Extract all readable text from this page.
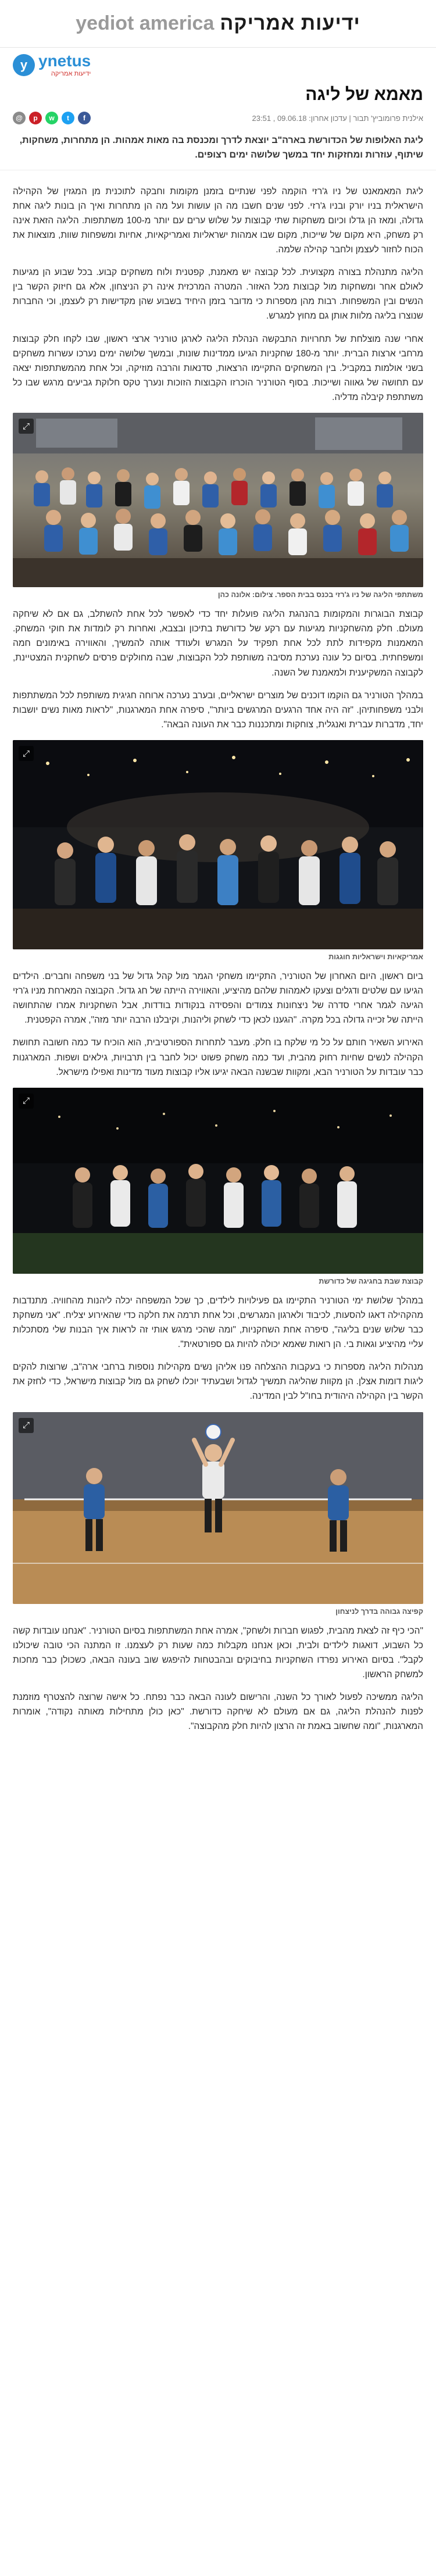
ידיעות אמריקה
yediot america
y ynetus
ידיעות אמריקה
מאמא של ליגה
אילנית פרומוביץ' תבור | עדכון אחרון: 09.06.18 , 23:51
@	p	w	t	f

ליגת האלופות של הכדורשת בארה"ב יוצאת לדרך ומכנסת בה מאות אמהות. הן מתחרות, משחקות, שיתוף, עוזרות ומחזקות יחד במשך שלושה ימים רצופים.

ליגת המאמאנט של ניו ג'רזי הוקמה לפני שנתיים בזמנן מקומות וחבקה לתוכנית מן המגזין של הקהילה הישראלית בניו יורק ובניו ג'רזי. לפני שנים חשבו מה הן עושות ועל מה הן מתחרות ואיך הן בונות ליגה אחת גדולה, ומאז הן גדלו וכיום משחקות שתי קבוצות על שלוש ערים עם יותר מ-100 משתתפות. הליגה הזאת אינה רק משחק, היא מקום של שייכות, מקום שבו אמהות ישראליות ואמריקאיות, אחיות ומשפחות שוות, מוצאות את הכוח לחזור לעצמן ולחבר קהילה שלמה.

הליגה מתנהלת בצורה מקצועית. לכל קבוצה יש מאמנת, קפטנית ולוח משחקים קבוע. בכל שבוע הן מגיעות לאולם אחר ומשחקות מול קבוצות מכל האזור. המטרה המרכזית אינה רק הניצחון, אלא גם חיזוק הקשר בין הנשים ובין המשפחות. רבות מהן מספרות כי מדובר בזמן היחיד בשבוע שהן מקדישות רק לעצמן, וכי החברות שנוצרו בליגה מלוות אותן גם מחוץ למגרש.

אחרי שנה מוצלחת של תחרויות התבקשה הנהלת הליגה לארגן טורניר ארצי ראשון, שבו לקחו חלק קבוצות מרחבי ארצות הברית. יותר מ-180 שחקניות הגיעו ממדינות שונות, ובמשך שלושה ימים נערכו עשרות משחקים בשני אולמות במקביל. בין המשחקים התקיימו הרצאות, סדנאות והרבה מוזיקה, וכל אחת מהמשתתפות יצאה עם תחושה של גאווה ושייכות. בסוף הטורניר הוכרזו הקבוצות הזוכות ונערך טקס חלוקת גביעים מרגש שבו כל משתתפת קיבלה מדליה.

⤢

משתתפי הליגה של ניו ג'רזי בכנס בבית הספר. צילום: אלונה כהן

קבוצת הבוגרות והמקומות בהנהגת הליגה פועלות יחד כדי לאפשר לכל אחת להשתלב, גם אם לא שיחקה מעולם. חלק מהשחקניות מגיעות עם רקע של כדורשת בתיכון ובצבא, ואחרות רק לומדות את חוקי המשחק. המאמנות מקפידות לתת לכל אחת תפקיד על המגרש ולעודד אותה להמשיך, והאווירה באימונים חמה ומשפחתית. בסיום כל עונה נערכת מסיבה משותפת לכל הקבוצות, שבה מחולקים פרסים לשחקנית המצטיינת, לקבוצה המשקיענית ולמאמנת של השנה.

במהלך הטורניר גם הוקמו דוכנים של מוצרים ישראליים, ובערב נערכה ארוחה חגיגית משותפת לכל המשתתפות ולבני משפחותיהן. "זה היה אחד הרגעים המרגשים ביותר", סיפרה אחת המארגנות, "לראות מאות נשים יושבות יחד, מדברות עברית ואנגלית, צוחקות ומתכננות כבר את העונה הבאה".

⤢

אמריקאיות וישראליות חוגגות

ביום ראשון, היום האחרון של הטורניר, התקיימו משחקי הגמר מול קהל גדול של בני משפחה וחברים. הילדים הגיעו עם שלטים ודגלים וצעקו לאמהות שלהם מהיציע, והאווירה הייתה של חג גדול. הקבוצה המארחת מניו ג'רזי הגיעה לגמר אחרי סדרה של ניצחונות צמודים והפסידה בנקודות בודדות, אבל השחקניות אמרו שהתחושה הייתה של זכייה גדולה בכל מקרה. "הגענו לכאן כדי לשחק וליהנות, וקיבלנו הרבה יותר מזה", אמרה הקפטנית.

האירוע השאיר חותם על כל מי שלקח בו חלק. מעבר לתחרות הספורטיבית, הוא הוכיח עד כמה חשובה תחושת הקהילה לנשים שחיות רחוק מהבית, ועד כמה משחק פשוט יכול לחבר בין תרבויות, גילאים ושפות. המארגנות כבר עובדות על הטורניר הבא, ומקוות שבשנה הבאה יגיעו אליו קבוצות מעוד מדינות ואפילו מישראל.

⤢

קבוצת שבת בחגיגה של כדורשת

במהלך שלושת ימי הטורניר התקיימו גם פעילויות לילדים, כך שכל המשפחה יכלה ליהנות מהחוויה. מתנדבות מהקהילה דאגו להסעות, לכיבוד ולארגון המגרשים, וכל אחת תרמה את חלקה כדי שהאירוע יצליח. "אני משחקת כבר שלוש שנים בליגה", סיפרה אחת השחקניות, "ומה שהכי מרגש אותי זה לראות איך הבנות שלי מסתכלות עליי מהיציע וגאות בי. הן רואות שאמא יכולה להיות גם ספורטאית".

מנהלות הליגה מספרות כי בעקבות ההצלחה פנו אליהן נשים מקהילות נוספות ברחבי ארה"ב, שרוצות להקים ליגות דומות אצלן. הן מקוות שהליגה תמשיך לגדול ושבעתיד יוכלו לשחק גם מול קבוצות מישראל, כדי לחזק את הקשר בין הקהילה היהודית בחו"ל לבין המדינה.

⤢

קפיצה גבוהה בדרך לניצחון

"הכי כיף זה לצאת מהבית, לפגוש חברות ולשחק", אמרה אחת המשתתפות בסיום הטורניר. "אנחנו עובדות קשה כל השבוע, דואגות לילדים ולבית, וכאן אנחנו מקבלות כמה שעות רק לעצמנו. זו המתנה הכי טובה שיכולנו לקבל". בסיום האירוע נפרדו השחקניות בחיבוקים ובהבטחות להיפגש שוב בעונה הבאה, כשכולן כבר מחכות למשחק הראשון.

הליגה ממשיכה לפעול לאורך כל השנה, והרישום לעונה הבאה כבר נפתח. כל אישה שרוצה להצטרף מוזמנת לפנות להנהלת הליגה, גם אם מעולם לא שיחקה כדורשת. "כאן כולן מתחילות מאותה נקודה", אומרות המארגנות, "ומה שחשוב באמת זה הרצון להיות חלק מהקבוצה".
